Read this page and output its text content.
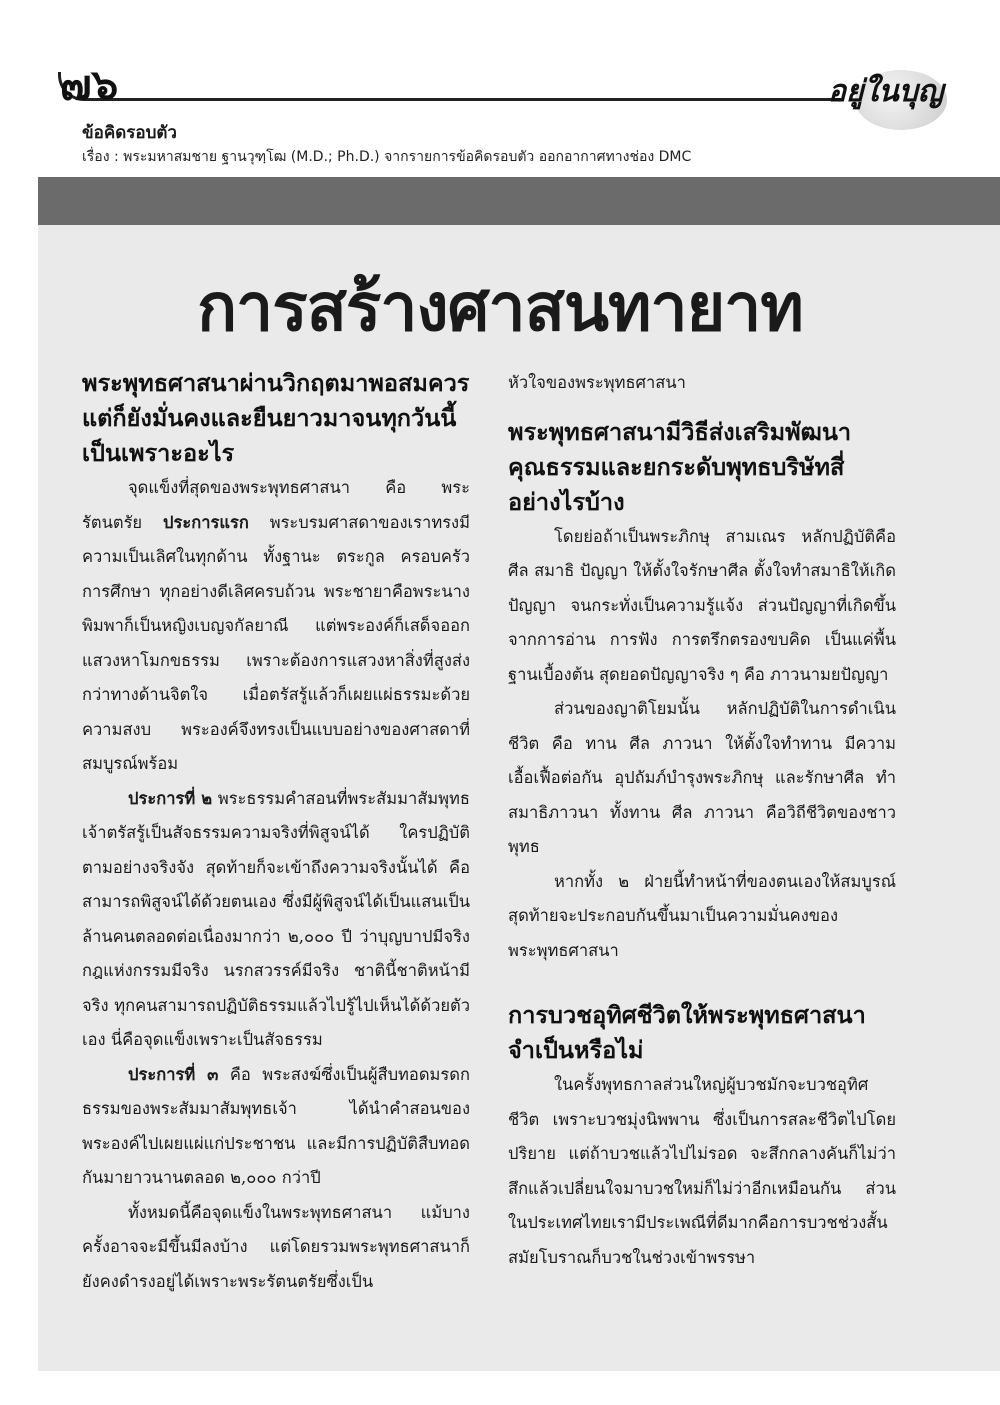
๗๖	อยู่ในบุญ
ข้อคิดรอบตัว
เรื่อง : พระมหาสมชาย ฐานวุฑฺโฒ (M.D.; Ph.D.) จากรายการข้อคิดรอบตัว ออกอากาศทางช่อง DMC
การสร้างศาสนทายาท
พระพุทธศาสนาผ่านวิกฤตมาพอสมควร แต่ก็ยังมั่นคงและยืนยาวมาจนทุกวันนี้ เป็นเพราะอะไร

จุดแข็งที่สุดของพระพุทธศาสนา คือ พระรัตนตรัย ประการแรก พระบรมศาสดาของเราทรงมีความเป็นเลิศในทุกด้าน ทั้งฐานะ ตระกูล ครอบครัว การศึกษา ทุกอย่างดีเลิศครบถ้วน พระชายาคือพระนางพิมพาก็เป็นหญิงเบญจกัลยาณี แต่พระองค์ก็เสด็จออกแสวงหาโมกขธรรม เพราะต้องการแสวงหาสิ่งที่สูงส่งกว่าทางด้านจิตใจ เมื่อตรัสรู้แล้วก็เผยแผ่ธรรมะด้วยความสงบ พระองค์จึงทรงเป็นแบบอย่างของศาสดาที่สมบูรณ์พร้อม

ประการที่ ๒ พระธรรมคำสอนที่พระสัมมาสัมพุทธเจ้าตรัสรู้เป็นสัจธรรมความจริงที่พิสูจน์ได้ ใครปฏิบัติตามอย่างจริงจัง สุดท้ายก็จะเข้าถึงความจริงนั้นได้ คือสามารถพิสูจน์ได้ด้วยตนเอง ซึ่งมีผู้พิสูจน์ได้เป็นแสนเป็นล้านคนตลอดต่อเนื่องมากว่า ๒,๐๐๐ ปี ว่าบุญบาปมีจริง กฎแห่งกรรมมีจริง นรกสวรรค์มีจริง ชาตินี้ชาติหน้ามีจริง ทุกคนสามารถปฏิบัติธรรมแล้วไปรู้ไปเห็นได้ด้วยตัวเอง นี่คือจุดแข็งเพราะเป็นสัจธรรม

ประการที่ ๓ คือ พระสงฆ์ซึ่งเป็นผู้สืบทอดมรดกธรรมของพระสัมมาสัมพุทธเจ้า ได้นำคำสอนของพระองค์ไปเผยแผ่แก่ประชาชน และมีการปฏิบัติสืบทอดกันมายาวนานตลอด ๒,๐๐๐ กว่าปี

ทั้งหมดนี้คือจุดแข็งในพระพุทธศาสนา แม้บางครั้งอาจจะมีขึ้นมีลงบ้าง แต่โดยรวมพระพุทธศาสนาก็ยังคงดำรงอยู่ได้เพราะพระรัตนตรัยซึ่งเป็น

หัวใจของพระพุทธศาสนา

พระพุทธศาสนามีวิธีส่งเสริมพัฒนาคุณธรรมและยกระดับพุทธบริษัทสี่อย่างไรบ้าง

โดยย่อถ้าเป็นพระภิกษุ สามเณร หลักปฏิบัติคือ ศีล สมาธิ ปัญญา ให้ตั้งใจรักษาศีล ตั้งใจทำสมาธิให้เกิดปัญญา จนกระทั่งเป็นความรู้แจ้ง ส่วนปัญญาที่เกิดขึ้นจากการอ่าน การฟัง การตรึกตรองขบคิด เป็นแค่พื้นฐานเบื้องต้น สุดยอดปัญญาจริง ๆ คือ ภาวนามยปัญญา

ส่วนของญาติโยมนั้น หลักปฏิบัติในการดำเนินชีวิต คือ ทาน ศีล ภาวนา ให้ตั้งใจทำทาน มีความเอื้อเฟื้อต่อกัน อุปถัมภ์บำรุงพระภิกษุ และรักษาศีล ทำสมาธิภาวนา ทั้งทาน ศีล ภาวนา คือวิถีชีวิตของชาวพุทธ

หากทั้ง ๒ ฝ่ายนี้ทำหน้าที่ของตนเองให้สมบูรณ์ สุดท้ายจะประกอบกันขึ้นมาเป็นความมั่นคงของพระพุทธศาสนา

การบวชอุทิศชีวิตให้พระพุทธศาสนาจำเป็นหรือไม่

ในครั้งพุทธกาลส่วนใหญ่ผู้บวชมักจะบวชอุทิศชีวิต เพราะบวชมุ่งนิพพาน ซึ่งเป็นการสละชีวิตไปโดยปริยาย แต่ถ้าบวชแล้วไปไม่รอด จะสึกกลางคันก็ไม่ว่า สึกแล้วเปลี่ยนใจมาบวชใหม่ก็ไม่ว่าอีกเหมือนกัน ส่วนในประเทศไทยเรามีประเพณีที่ดีมากคือการบวชช่วงสั้น สมัยโบราณก็บวชในช่วงเข้าพรรษา
